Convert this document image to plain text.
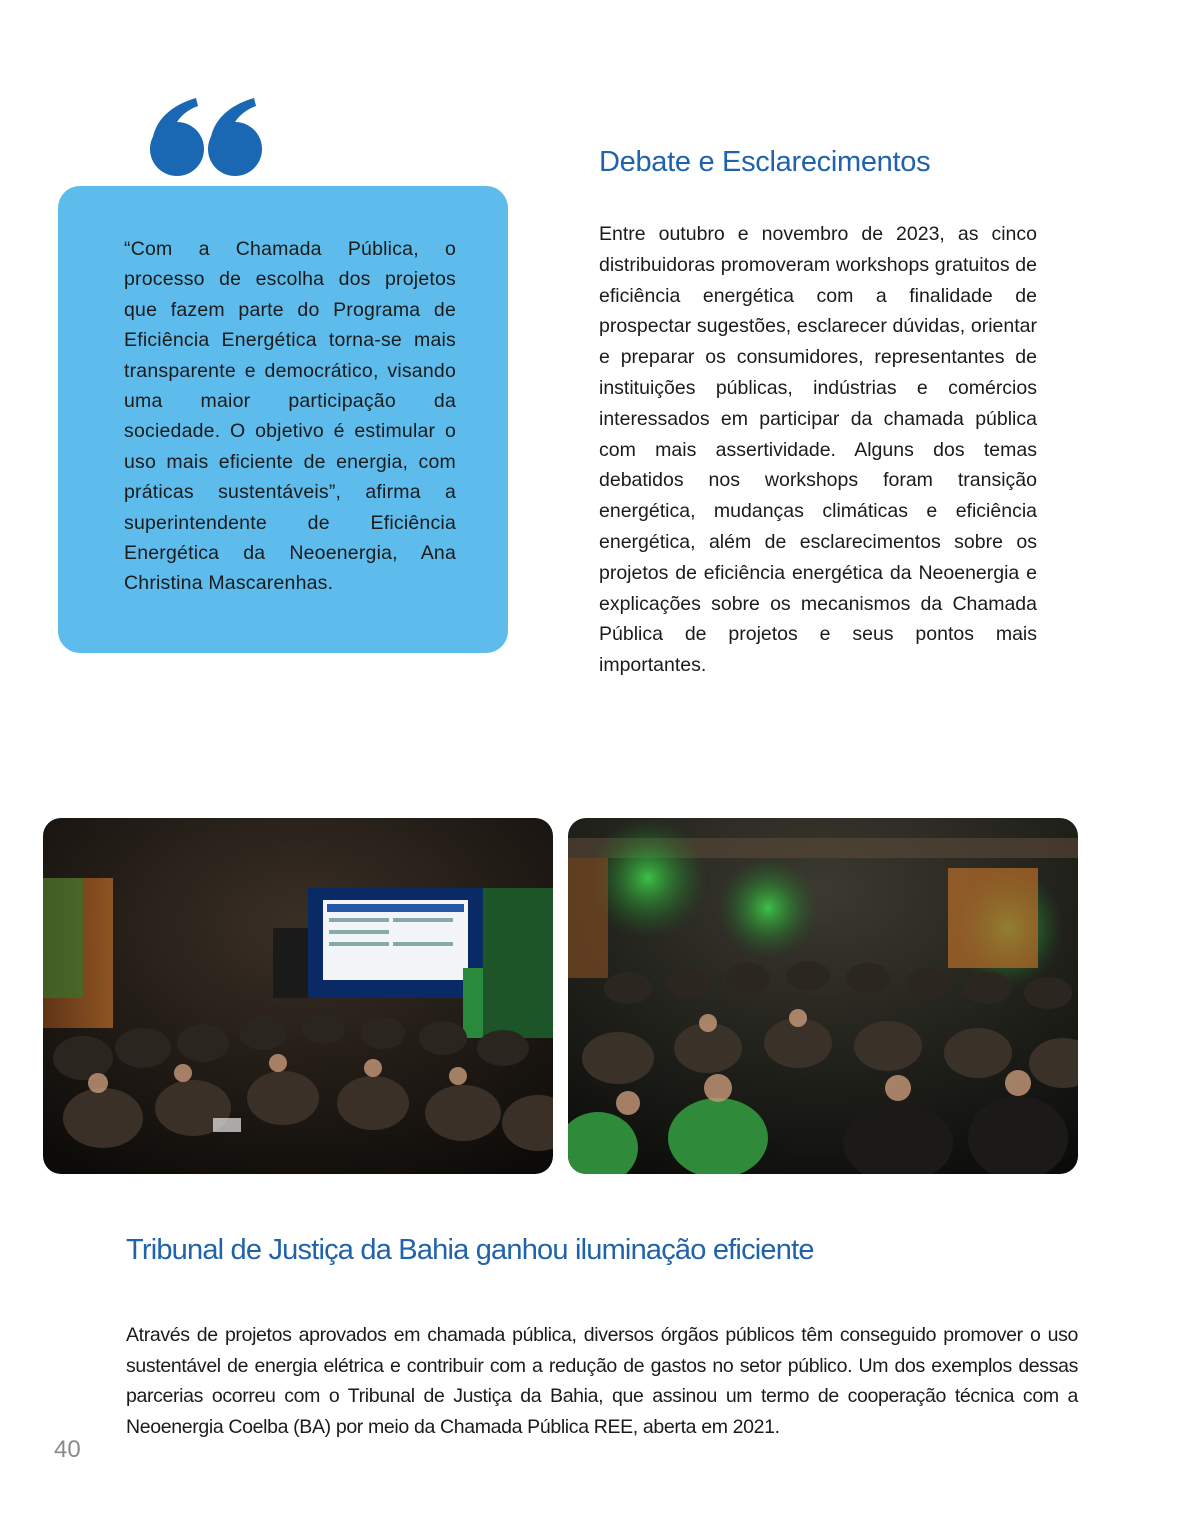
“Com a Chamada Pública, o processo de escolha dos projetos que fazem parte do Programa de Eficiência Energética torna-se mais transparente e democrático, visando uma maior participação da sociedade. O objetivo é estimular o uso mais eficiente de energia, com práticas sustentáveis”, afirma a superintendente de Eficiência Energética da Neoenergia, Ana Christina Mascarenhas.

Debate e Esclarecimentos

Entre outubro e novembro de 2023, as cinco distribuidoras promoveram workshops gratuitos de eficiência energética com a finalidade de prospectar sugestões, esclarecer dúvidas, orientar e preparar os consumidores, representantes de instituições públicas, indústrias e comércios interessados em participar da chamada pública com mais assertividade. Alguns dos temas debatidos nos workshops foram transição energética, mudanças climáticas e eficiência energética, além de esclarecimentos sobre os projetos de eficiência energética da Neoenergia e explicações sobre os mecanismos da Chamada Pública de projetos e seus pontos mais importantes.

Tribunal de Justiça da Bahia ganhou iluminação eficiente

Através de projetos aprovados em chamada pública, diversos órgãos públicos têm conseguido promover o uso sustentável de energia elétrica e contribuir com a redução de gastos no setor público. Um dos exemplos dessas parcerias ocorreu com o Tribunal de Justiça da Bahia, que assinou um termo de cooperação técnica com a Neoenergia Coelba (BA) por meio da Chamada Pública REE, aberta em 2021.

40
